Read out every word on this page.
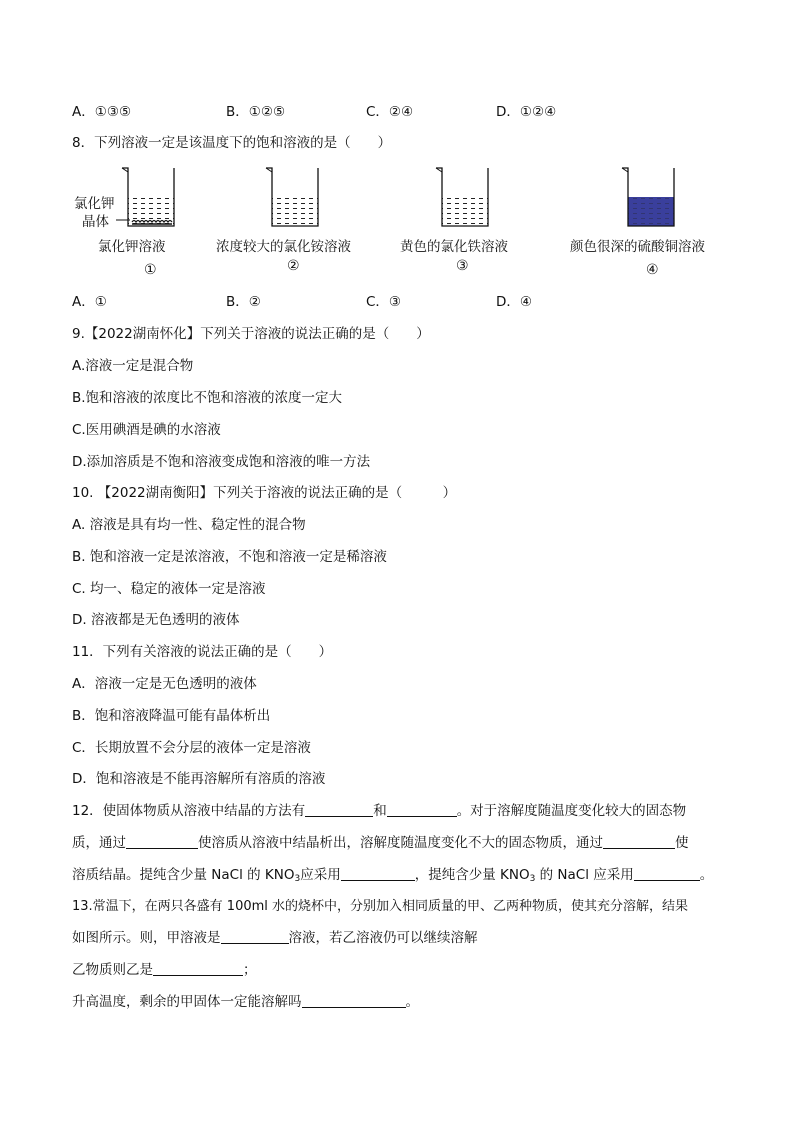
A．①③⑤	B．①②⑤	C．②④	D．①②④
8．下列溶液一定是该温度下的饱和溶液的是（　　）
氯化钾
晶体
氯化钾溶液
①
浓度较大的氯化铵溶液
②
黄色的氯化铁溶液
③
颜色很深的硫酸铜溶液
④
A．①	B．②	C．③	D．④
9.【2022湖南怀化】下列关于溶液的说法正确的是（　　）
A.溶液一定是混合物
B.饱和溶液的浓度比不饱和溶液的浓度一定大
C.医用碘酒是碘的水溶液
D.添加溶质是不饱和溶液变成饱和溶液的唯一方法
10. 【2022湖南衡阳】下列关于溶液的说法正确的是（　　　）
A. 溶液是具有均一性、稳定性的混合物
B. 饱和溶液一定是浓溶液，不饱和溶液一定是稀溶液
C. 均一、稳定的液体一定是溶液
D. 溶液都是无色透明的液体
11．下列有关溶液的说法正确的是（　　）
A．溶液一定是无色透明的液体
B．饱和溶液降温可能有晶体析出
C．长期放置不会分层的液体一定是溶液
D．饱和溶液是不能再溶解所有溶质的溶液
12．使固体物质从溶液中结晶的方法有	和	。对于溶解度随温度变化较大的固态物
质，通过	使溶质从溶液中结晶析出，溶解度随温度变化不大的固态物质，通过	使
溶质结晶。提纯含少量 NaCl 的 $KNO_3$应采用	，提纯含少量 $KNO_3$ 的 NaCl 应采用	。
13.常温下，在两只各盛有 100ml 水的烧杯中，分别加入相同质量的甲、乙两种物质，使其充分溶解，结果
如图所示。则，甲溶液是	溶液，若乙溶液仍可以继续溶解
乙物质则乙是	；
升高温度，剩余的甲固体一定能溶解吗	。
